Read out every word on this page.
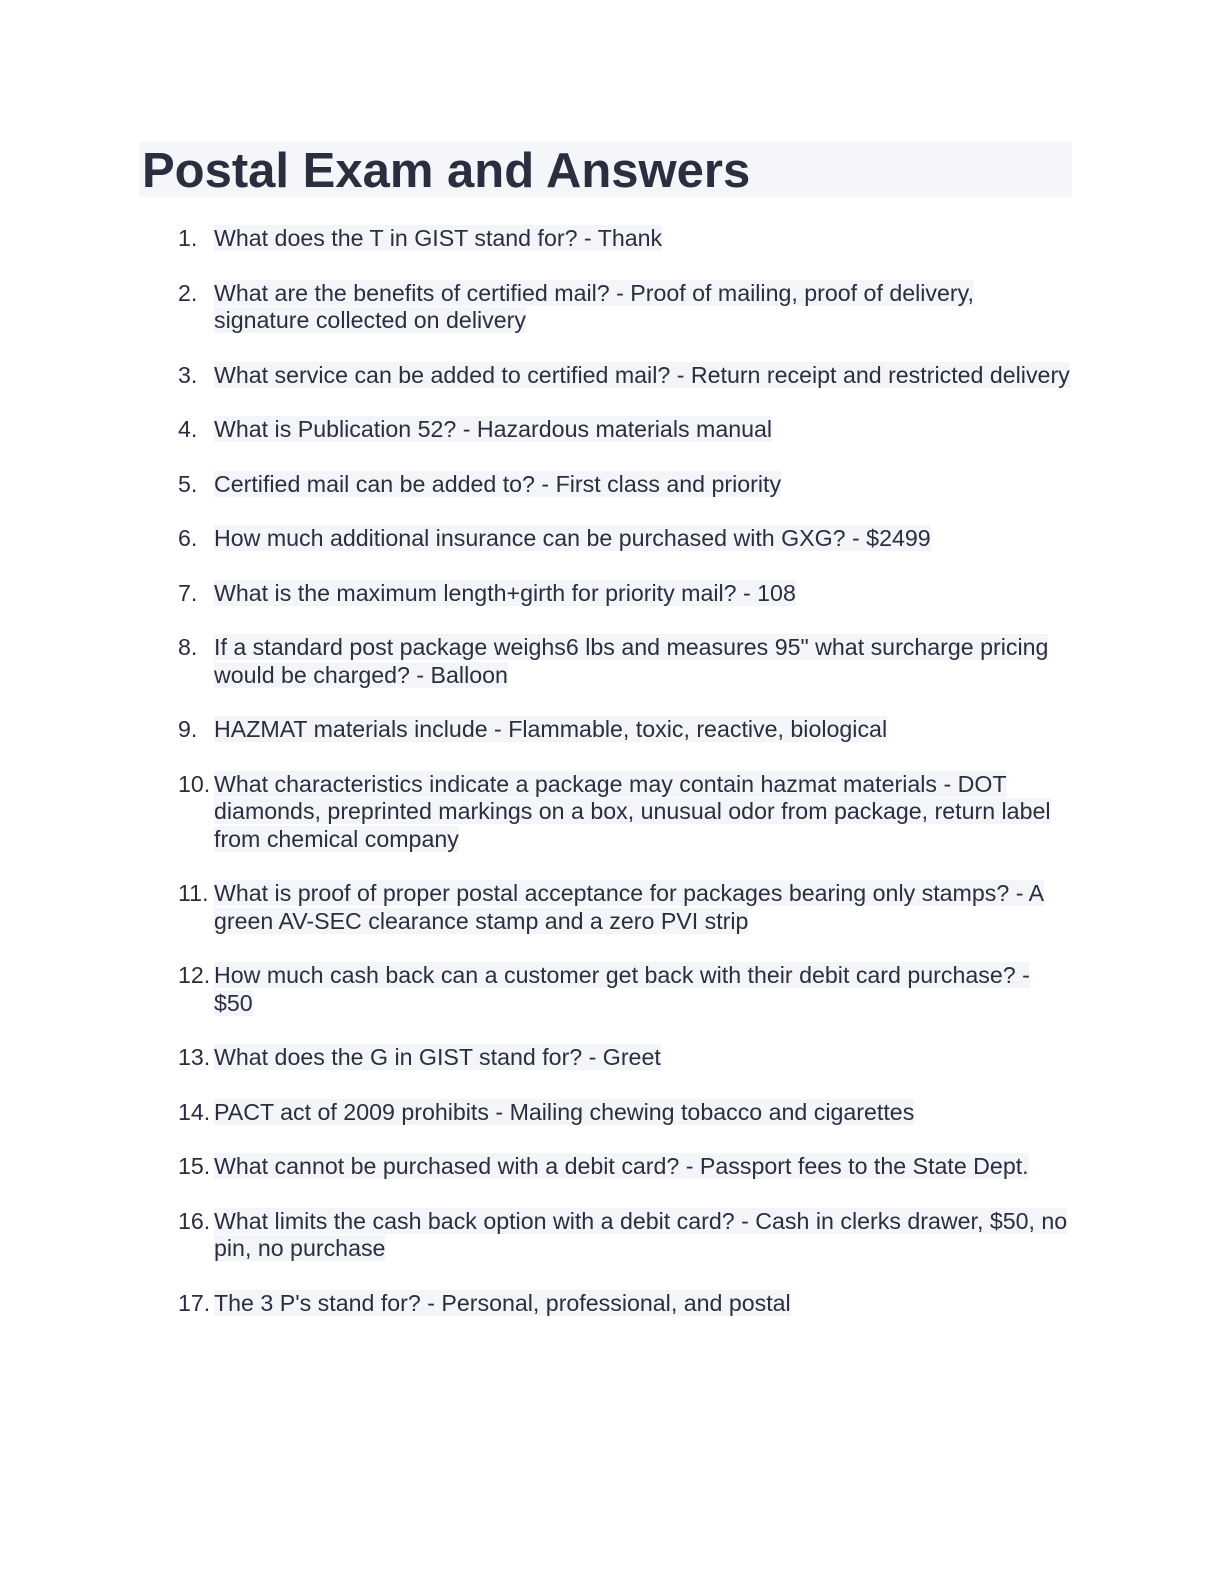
Postal Exam and Answers
1. What does the T in GIST stand for? - Thank
2. What are the benefits of certified mail? - Proof of mailing, proof of delivery, signature collected on delivery
3. What service can be added to certified mail? - Return receipt and restricted delivery
4. What is Publication 52? - Hazardous materials manual
5. Certified mail can be added to? - First class and priority
6. How much additional insurance can be purchased with GXG? - $2499
7. What is the maximum length+girth for priority mail? - 108
8. If a standard post package weighs6 lbs and measures 95" what surcharge pricing would be charged? - Balloon
9. HAZMAT materials include - Flammable, toxic, reactive, biological
10. What characteristics indicate a package may contain hazmat materials - DOT diamonds, preprinted markings on a box, unusual odor from package, return label from chemical company
11. What is proof of proper postal acceptance for packages bearing only stamps? - A green AV-SEC clearance stamp and a zero PVI strip
12. How much cash back can a customer get back with their debit card purchase? - $50
13. What does the G in GIST stand for? - Greet
14. PACT act of 2009 prohibits - Mailing chewing tobacco and cigarettes
15. What cannot be purchased with a debit card? - Passport fees to the State Dept.
16. What limits the cash back option with a debit card? - Cash in clerks drawer, $50, no pin, no purchase
17. The 3 P's stand for? - Personal, professional, and postal
